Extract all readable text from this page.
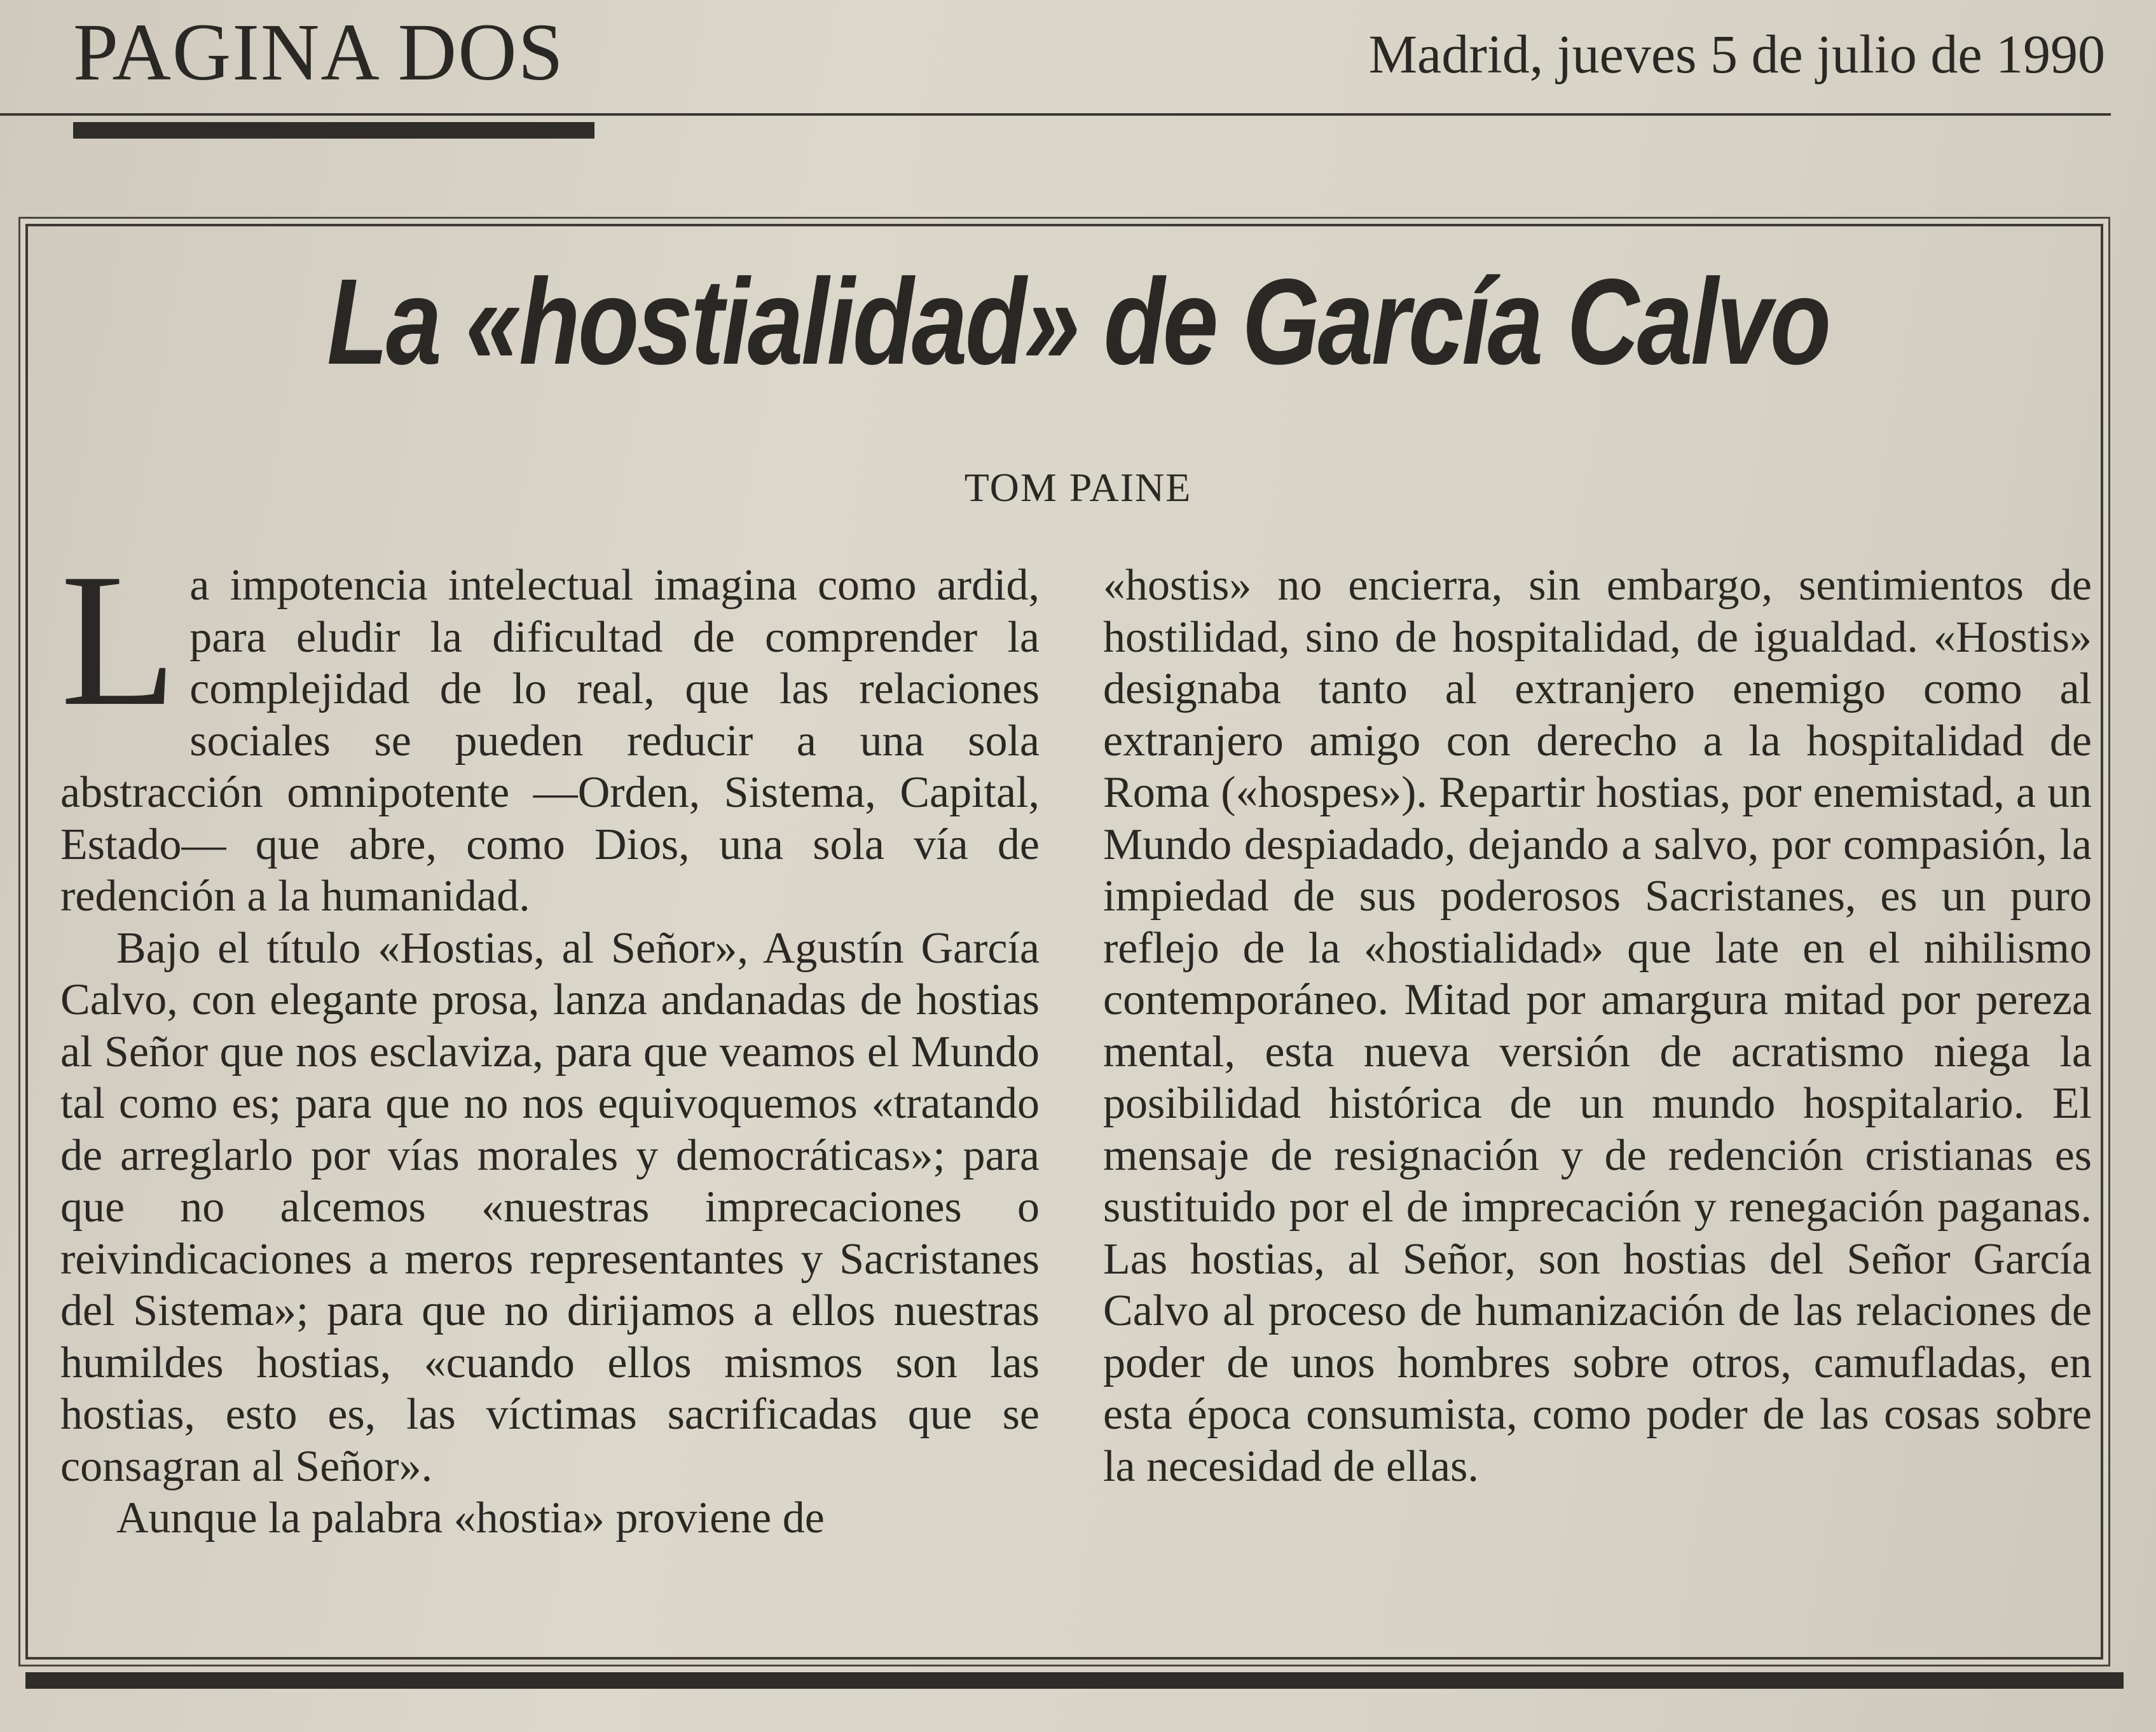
PAGINA DOS	Madrid, jueves 5 de julio de 1990
La «hostialidad» de García Calvo
TOM PAINE

La impotencia intelectual imagina como ardid, para eludir la dificultad de comprender la complejidad de lo real, que las relaciones sociales se pueden reducir a una sola abstracción omnipotente —Orden, Sistema, Capital, Estado— que abre, como Dios, una sola vía de redención a la humanidad.

Bajo el título «Hostias, al Señor», Agustín García Calvo, con elegante prosa, lanza andanadas de hostias al Señor que nos esclaviza, para que veamos el Mundo tal como es; para que no nos equivoquemos «tratando de arreglarlo por vías morales y democráticas»; para que no alcemos «nuestras imprecaciones o reivindicaciones a meros representantes y Sacristanes del Sistema»; para que no dirijamos a ellos nuestras humildes hostias, «cuando ellos mismos son las hostias, esto es, las víctimas sacrificadas que se consagran al Señor».

Aunque la palabra «hostia» proviene de

«hostis» no encierra, sin embargo, sentimientos de hostilidad, sino de hospitalidad, de igualdad. «Hostis» designaba tanto al extranjero enemigo como al extranjero amigo con derecho a la hospitalidad de Roma («hospes»). Repartir hostias, por enemistad, a un Mundo despiadado, dejando a salvo, por compasión, la impiedad de sus poderosos Sacristanes, es un puro reflejo de la «hostialidad» que late en el nihilismo contemporáneo. Mitad por amargura mitad por pereza mental, esta nueva versión de acratismo niega la posibilidad histórica de un mundo hospitalario. El mensaje de resignación y de redención cristianas es sustituido por el de imprecación y renegación paganas. Las hostias, al Señor, son hostias del Señor García Calvo al proceso de humanización de las relaciones de poder de unos hombres sobre otros, camufladas, en esta época consumista, como poder de las cosas sobre la necesidad de ellas.
